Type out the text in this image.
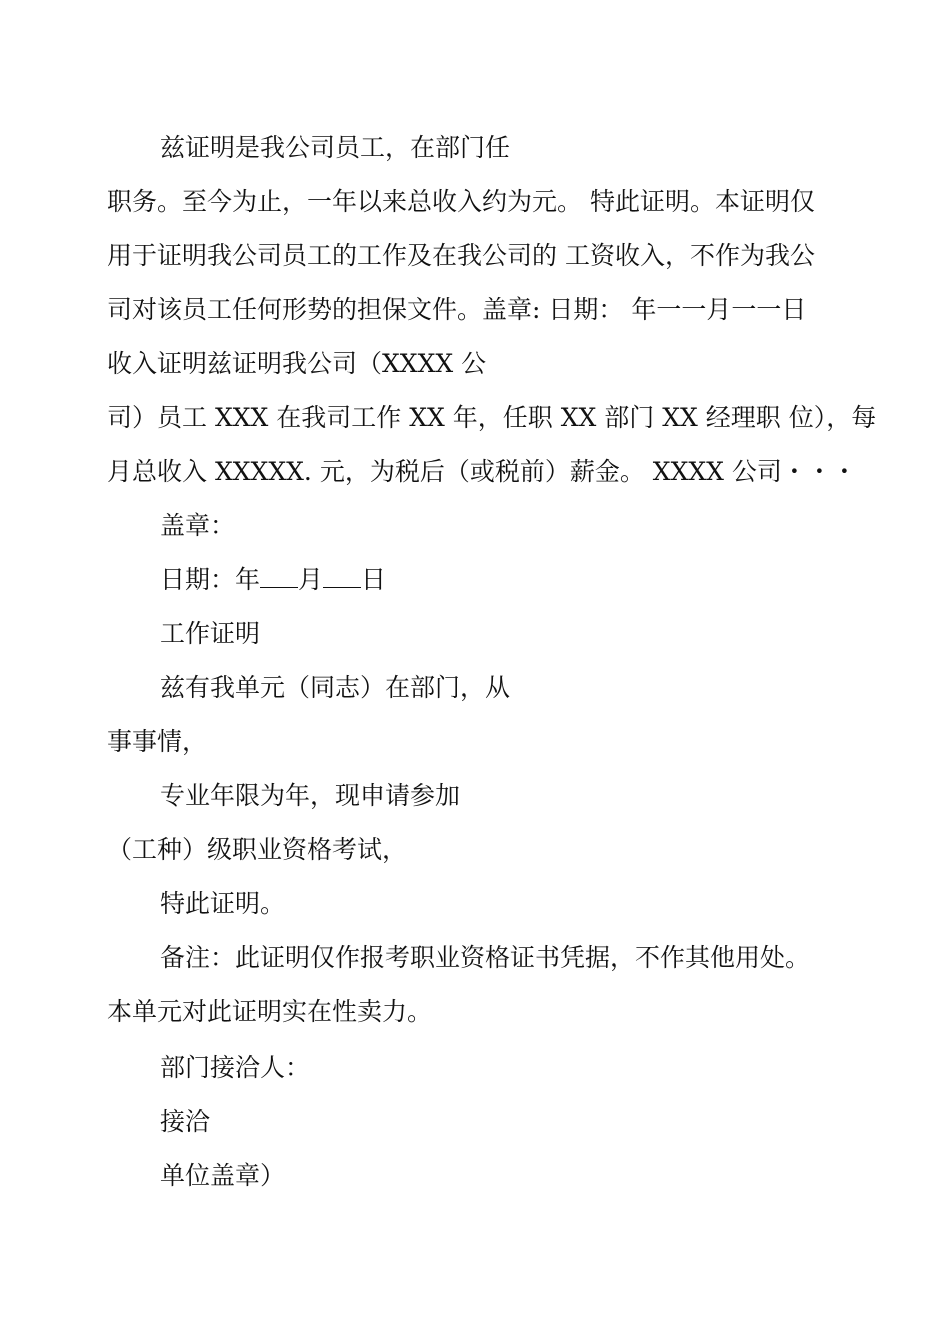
兹证明是我公司员工，在部门任
职务。至今为止，一年以来总收入约为元。 特此证明。本证明仅
用于证明我公司员工的工作及在我公司的 工资收入，不作为我公
司对该员工任何形势的担保文件。盖章: 日期： 年一一月一一日
收入证明兹证明我公司（XXXX 公
司）员工 XXX 在我司工作 XX 年，任职 XX 部门 XX 经理职 位），每
月总收入 XXXXX. 元，为税后（或税前）薪金。 XXXX 公司・・・
盖章：
日期：年 月 日
工作证明
兹有我单元（同志）在部门，从
事事情，
专业年限为年，现申请参加
（工种）级职业资格考试，
特此证明。
备注：此证明仅作报考职业资格证书凭据，不作其他用处。
本单元对此证明实在性卖力。
部门接洽人：
接洽
单位盖章）
